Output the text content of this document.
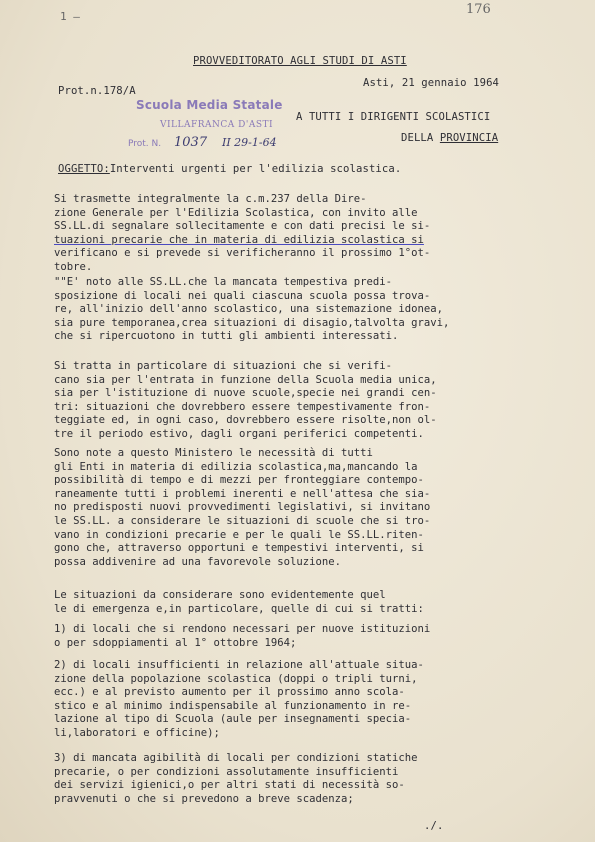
176
1 —
PROVVEDITORATO AGLI STUDI DI ASTI
Prot.n.178/A
Asti, 21 gennaio 1964
A TUTTI I DIRIGENTI SCOLASTICI
DELLA PROVINCIA
Scuola Media Statale
VILLAFRANCA D'ASTI
Prot. N. 1037 II 29-1-64
OGGETTO:Interventi urgenti per l'edilizia scolastica.
Si trasmette integralmente la c.m.237 della Dire-
zione Generale per l'Edilizia Scolastica, con invito alle
SS.LL.di segnalare sollecitamente e con dati precisi le si-
tuazioni precarie che in materia di edilizia scolastica si
verificano e si prevede si verificheranno il prossimo 1°ot-
tobre.
""E' noto alle SS.LL.che la mancata tempestiva predi-
sposizione di locali nei quali ciascuna scuola possa trova-
re, all'inizio dell'anno scolastico, una sistemazione idonea,
sia pure temporanea,crea situazioni di disagio,talvolta gravi,
che si ripercuotono in tutti gli ambienti interessati.
Si tratta in particolare di situazioni che si verifi-
cano sia per l'entrata in funzione della Scuola media unica,
sia per l'istituzione di nuove scuole,specie nei grandi cen-
tri: situazioni che dovrebbero essere tempestivamente fron-
teggiate ed, in ogni caso, dovrebbero essere risolte,non ol-
tre il periodo estivo, dagli organi periferici competenti.
Sono note a questo Ministero le necessità di tutti
gli Enti in materia di edilizia scolastica,ma,mancando la
possibilità di tempo e di mezzi per fronteggiare contempo-
raneamente tutti i problemi inerenti e nell'attesa che sia-
no predisposti nuovi provvedimenti legislativi, si invitano
le SS.LL. a considerare le situazioni di scuole che si tro-
vano in condizioni precarie e per le quali le SS.LL.riten-
gono che, attraverso opportuni e tempestivi interventi, si
possa addivenire ad una favorevole soluzione.
Le situazioni da considerare sono evidentemente quel
le di emergenza e,in particolare, quelle di cui si tratti:
1) di locali che si rendono necessari per nuove istituzioni
o per sdoppiamenti al 1° ottobre 1964;
2) di locali insufficienti in relazione all'attuale situa-
zione della popolazione scolastica (doppi o tripli turni,
ecc.) e al previsto aumento per il prossimo anno scola-
stico e al minimo indispensabile al funzionamento in re-
lazione al tipo di Scuola (aule per insegnamenti specia-
li,laboratori e officine);
3) di mancata agibilità di locali per condizioni statiche
precarie, o per condizioni assolutamente insufficienti
dei servizi igienici,o per altri stati di necessità so-
pravvenuti o che si prevedono a breve scadenza;
./.
